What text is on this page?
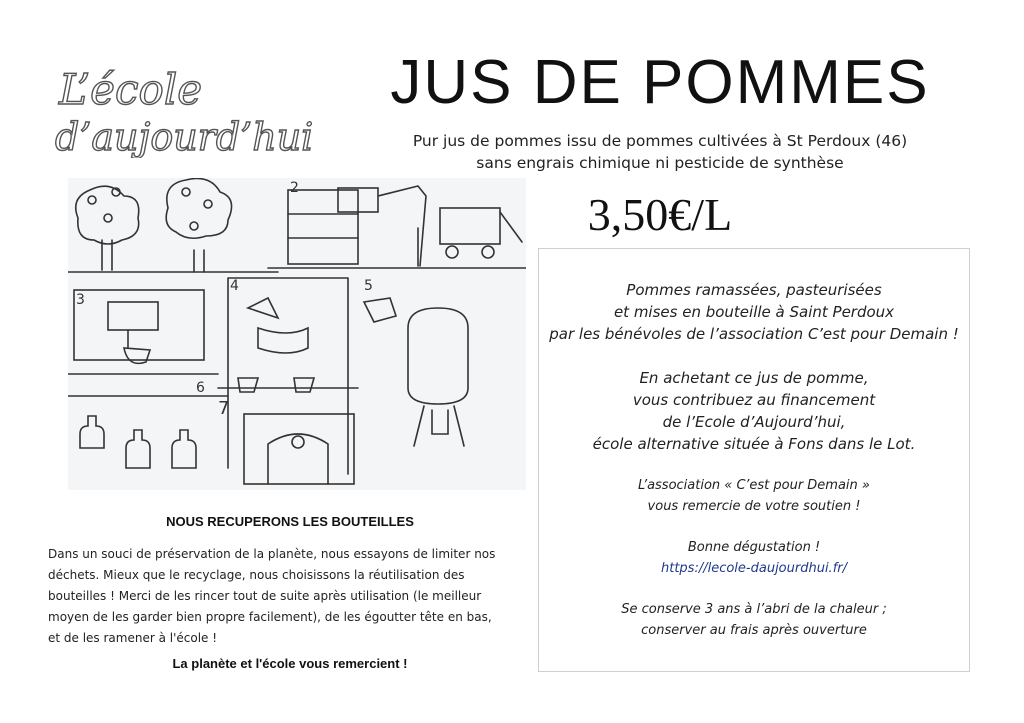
L’école
d’aujourd’hui
JUS DE POMMES
Pur jus de pommes issu de pommes cultivées à St Perdoux (46)
sans engrais chimique ni pesticide de synthèse
3,50€/L
2
3
4	5
6
7

Pommes ramassées, pasteurisées

et mises en bouteille à Saint Perdoux

par les bénévoles de l’association C’est pour Demain !

En achetant ce jus de pomme,

vous contribuez au financement

de l’Ecole d’Aujourd’hui,

école alternative située à Fons dans le Lot.

L’association « C’est pour Demain »

vous remercie de votre soutien !

Bonne dégustation !

https://lecole-daujourdhui.fr/

Se conserve 3 ans à l’abri de la chaleur ;

conserver au frais après ouverture

NOUS RECUPERONS LES BOUTEILLES
Dans un souci de préservation de la planète, nous essayons de limiter nos
déchets. Mieux que le recyclage, nous choisissons la réutilisation des
bouteilles ! Merci de les rincer tout de suite après utilisation (le meilleur
moyen de les garder bien propre facilement), de les égoutter tête en bas,
et de les ramener à l'école !
La planète et l'école vous remercient !
